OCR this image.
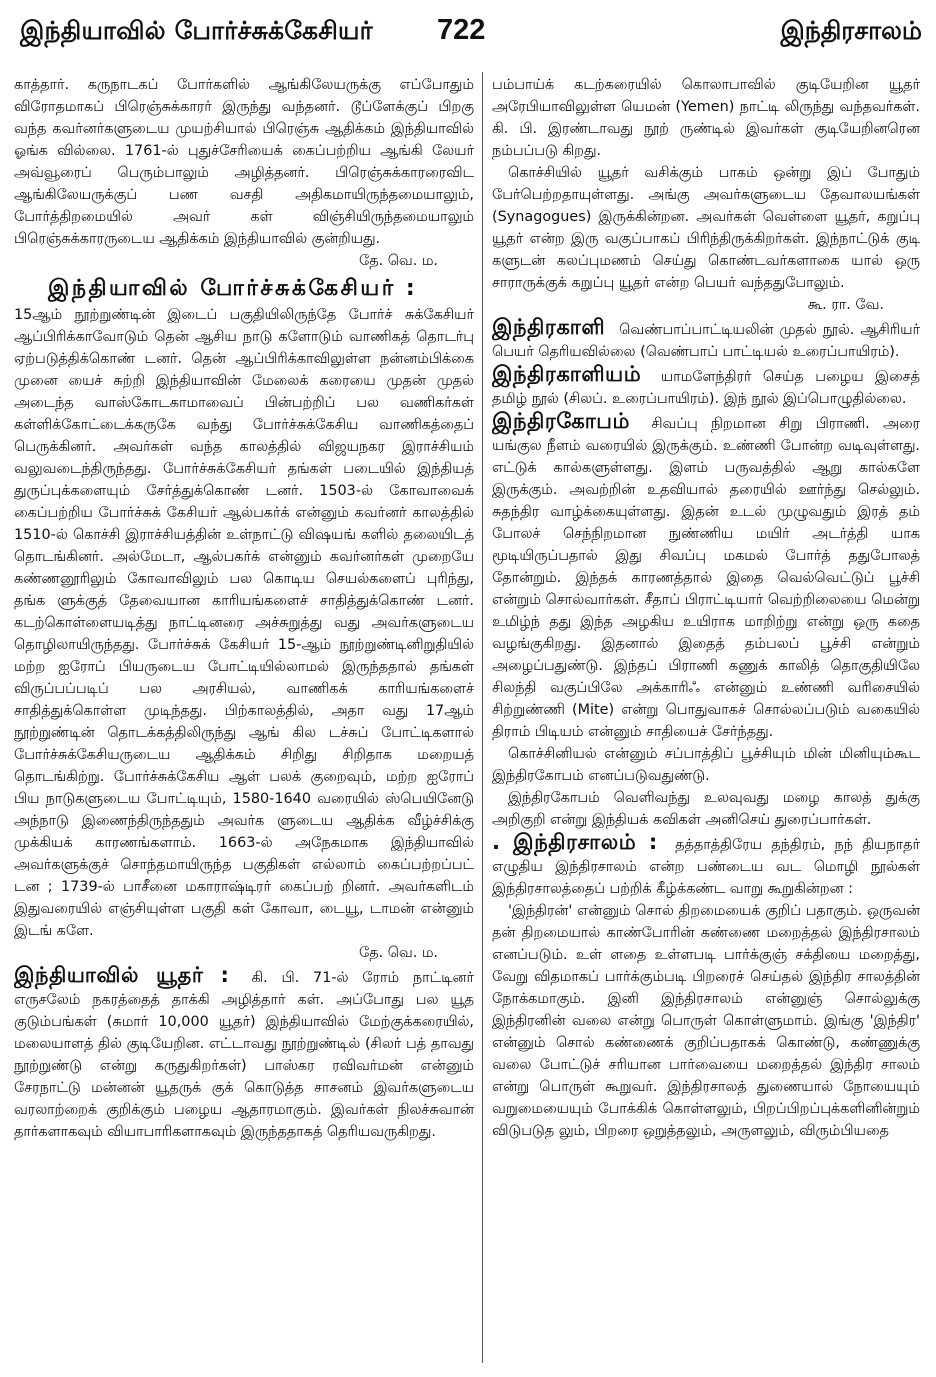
இந்தியாவில் போர்ச்சுக்கேசியர் 722	இந்திரசாலம்

காத்தார். கருநாடகப் போர்களில் ஆங்கிலேயருக்கு எப்போதும் விரோதமாகப் பிரெஞ்சுக்காரர் இருந்து வந்தனர். டூப்ளேக்குப் பிறகு வந்த கவர்னர்களுடைய முயற்சியால் பிரெஞ்சு ஆதிக்கம் இந்தியாவில் ஓங்க வில்லை. 1761-ல் புதுச்சேரியைக் கைப்பற்றிய ஆங்கி லேயர் அவ்வூரைப் பெரும்பாலும் அழித்தனர். பிரெஞ்சுக்காரரைவிட ஆங்கிலேயருக்குப் பண வசதி அதிகமாயிருந்தமையாலும், போர்த்திறமையில் அவர் கள் விஞ்சியிருந்தமையாலும் பிரெஞ்சுக்காரருடைய ஆதிக்கம் இந்தியாவில் குன்றியது.
தே. வெ. ம.

இந்தியாவில் போர்ச்சுக்கேசியர் :

15ஆம் நூற்றுண்டின் இடைப் பகுதியிலிருந்தே போர்ச் சுக்கேசியர் ஆப்பிரிக்காவோடும் தென் ஆசிய நாடு களோடும் வாணிகத் தொடர்பு ஏற்படுத்திக்கொண் டனர். தென் ஆப்பிரிக்காவிலுள்ள நன்னம்பிக்கை முனை யைச் சுற்றி இந்தியாவின் மேலைக் கரையை முதன் முதல் அடைந்த வாஸ்கோடகாமாவைப் பின்பற்றிப் பல வணிகர்கள் கள்ளிக்கோட்டைக்கருகே வந்து போர்ச்சுக்கேசிய வாணிகத்தைப் பெருக்கினர். அவர்கள் வந்த காலத்தில் விஜயநகர இராச்சியம் வலுவடைந்திருந்தது. போர்ச்சுக்கேசியர் தங்கள் படையில் இந்தியத் துருப்புக்களையும் சேர்த்துக்கொண் டனர். 1503-ல் கோவாவைக் கைப்பற்றிய போர்ச்சுக் கேசியர் ஆல்பகர்க் என்னும் கவர்னர் காலத்தில் 1510-ல் கொச்சி இராச்சியத்தின் உள்நாட்டு விஷயங் களில் தலையிடத் தொடங்கினர். அல்மேடா, ஆல்பகர்க் என்னும் கவர்னர்கள் முறையே கண்ணனூரிலும் கோவாவிலும் பல கொடிய செயல்களைப் புரிந்து, தங்க ளுக்குத் தேவையான காரியங்களைச் சாதித்துக்கொண் டனர். கடற்கொள்ளையடித்து நாட்டினரை அச்சுறுத்து வது அவர்களுடைய தொழிலாயிருந்தது. போர்ச்சுக் கேசியர் 15-ஆம் நூற்றுண்டினிறுதியில் மற்ற ஐரோப் பியருடைய போட்டியில்லாமல் இருந்ததால் தங்கள் விருப்பப்படிப் பல அரசியல், வாணிகக் காரியங்களைச் சாதித்துக்கொள்ள முடிந்தது. பிற்காலத்தில், அதா வது 17ஆம் நூற்றுண்டின் தொடக்கத்திலிருந்து ஆங் கில டச்சுப் போட்டிகளால் போர்ச்சுக்கேசியருடைய ஆதிக்கம் சிறிது சிறிதாக மறையத் தொடங்கிற்று. போர்ச்சுக்கேசிய ஆள் பலக் குறைவும், மற்ற ஐரோப் பிய நாடுகளுடைய போட்டியும், 1580-1640 வரையில் ஸ்பெயினேடு அந்நாடு இணைந்திருந்ததும் அவர்க ளுடைய ஆதிக்க வீழ்ச்சிக்கு முக்கியக் காரணங்களாம். 1663-ல் அநேகமாக இந்தியாவில் அவர்களுக்குச் சொந்தமாயிருந்த பகுதிகள் எல்லாம் கைப்பற்றப்பட் டன ; 1739-ல் பாசீனை மகாராஷ்டிரர் கைப்பற் றினர். அவர்களிடம் இதுவரையில் எஞ்சியுள்ள பகுதி கள் கோவா, டையூ, டாமன் என்னும் இடங் களே.
தே. வெ. ம.

இந்தியாவில் யூதர் : கி. பி. 71-ல் ரோம் நாட்டினர் எருசலேம் நகரத்தைத் தாக்கி அழித்தார் கள். அப்போது பல யூத குடும்பங்கள் (சுமார் 10,000 யூதர்) இந்தியாவில் மேற்குக்கரையில், மலையாளத் தில் குடியேறின. எட்டாவது நூற்றுண்டில் (சிலர் பத் தாவது நூற்றுண்டு என்று கருதுகிறர்கள்) பாஸ்கர ரவிவர்மன் என்னும் சேரநாட்டு மன்னன் யூதருக் குக் கொடுத்த சாசனம் இவர்களுடைய வரலாற்றைக் குறிக்கும் பழைய ஆதாரமாகும். இவர்கள் நிலச்சுவான் தார்களாகவும் வியாபாரிகளாகவும் இருந்ததாகத் தெரியவருகிறது.

பம்பாய்க் கடற்கரையில் கொலாபாவில் குடியேறின யூதர் அரேபியாவிலுள்ள யெமன் (Yemen) நாட்டி லிருந்து வந்தவர்கள். கி. பி. இரண்டாவது நூற் ருண்டில் இவர்கள் குடியேறினரென நம்பப்படு கிறது.

கொச்சியில் யூதர் வசிக்கும் பாகம் ஒன்று இப் போதும் பேர்பெற்றதாயுள்ளது. அங்கு அவர்களுடைய தேவாலயங்கள் (Synagogues) இருக்கின்றன. அவர்கள் வெள்ளை யூதர், கறுப்பு யூதர் என்ற இரு வகுப்பாகப் பிரிந்திருக்கிறர்கள். இந்நாட்டுக் குடி களுடன் கலப்புமணம் செய்து கொண்டவர்களாகை யால் ஒரு சாராருக்குக் கறுப்பு யூதர் என்ற பெயர் வந்ததுபோலும்.
கூ. ரா. வே.

இந்திரகாளி வெண்பாப்பாட்டியலின் முதல் நூல். ஆசிரியர் பெயர் தெரியவில்லை (வெண்பாப் பாட்டியல் உரைப்பாயிரம்).

இந்திரகாளியம் யாமளேந்திரர் செய்த பழைய இசைத் தமிழ் நூல் (சிலப். உரைப்பாயிரம்). இந் நூல் இப்பொழுதில்லை.

இந்திரகோபம் சிவப்பு நிறமான சிறு பிராணி. அரை யங்குல நீளம் வரையில் இருக்கும். உண்ணி போன்ற வடிவுள்ளது. எட்டுக் கால்களுள்ளது. இளம் பருவத்தில் ஆறு கால்களே இருக்கும். அவற்றின் உதவியால் தரையில் ஊர்ந்து செல்லும். சுதந்திர வாழ்க்கையுள்ளது. இதன் உடல் முழுவதும் இரத் தம் போலச் செந்நிறமான நுண்ணிய மயிர் அடர்த்தி யாக மூடியிருப்பதால் இது சிவப்பு மகமல் போர்த் ததுபோலத் தோன்றும். இந்தக் காரணத்தால் இதை வெல்வெட்டுப் பூச்சி என்றும் சொல்வார்கள். சீதாப் பிராட்டியார் வெற்றிலையை மென்று உமிழ்ந் தது இந்த அழகிய உயிராக மாறிற்று என்று ஒரு கதை வழங்குகிறது. இதனால் இதைத் தம்பலப் பூச்சி என்றும் அழைப்பதுண்டு. இந்தப் பிராணி கணுக் காலித் தொகுதியிலே சிலந்தி வகுப்பிலே அக்காரிஃ என்னும் உண்ணி வரிசையில் சிற்றுண்ணி (Mite) என்று பொதுவாகச் சொல்லப்படும் வகையில் திராம் பிடியம் என்னும் சாதியைச் சேர்ந்தது.

கொச்சினியல் என்னும் சப்பாத்திப் பூச்சியும் மின் மினியும்கூட இந்திரகோபம் எனப்படுவதுண்டு.

இந்திரகோபம் வெளிவந்து உலவுவது மழை காலத் துக்கு அறிகுறி என்று இந்தியக் கவிகள் அனிசெய் துரைப்பார்கள்.

. இந்திரசாலம் : தத்தாத்திரேய தந்திரம், நந் தியநாதர் எழுதிய இந்திரசாலம் என்ற பண்டைய வட மொழி நூல்கள் இந்திரசாலத்தைப் பற்றிக் கீழ்க்கண்ட வாறு கூறுகின்றன :

'இந்திரன்' என்னும் சொல் திறமையைக் குறிப் பதாகும். ஒருவன் தன் திறமையால் காண்போரின் கண்ணை மறைத்தல் இந்திரசாலம் எனப்படும். உள் ளதை உள்ளபடி பார்க்குஞ் சக்தியை மறைத்து, வேறு விதமாகப் பார்க்கும்படி பிறரைச் செய்தல் இந்திர சாலத்தின் நோக்கமாகும். இனி இந்திரசாலம் என்னுஞ் சொல்லுக்கு இந்திரனின் வலை என்று பொருள் கொள்ளுமாம். இங்கு 'இந்திர' என்னும் சொல் கண்ணைக் குறிப்பதாகக் கொண்டு, கண்ணுக்கு வலை போட்டுச் சரியான பார்வையை மறைத்தல் இந்திர சாலம் என்று பொருள் கூறுவர். இந்திரசாலத் துணையால் நோயையும் வறுமையையும் போக்கிக் கொள்ளலும், பிறப்பிறப்புக்களினின்றும் விடுபடுத லும், பிறரை ஒறுத்தலும், அருளலும், விரும்பியதை
